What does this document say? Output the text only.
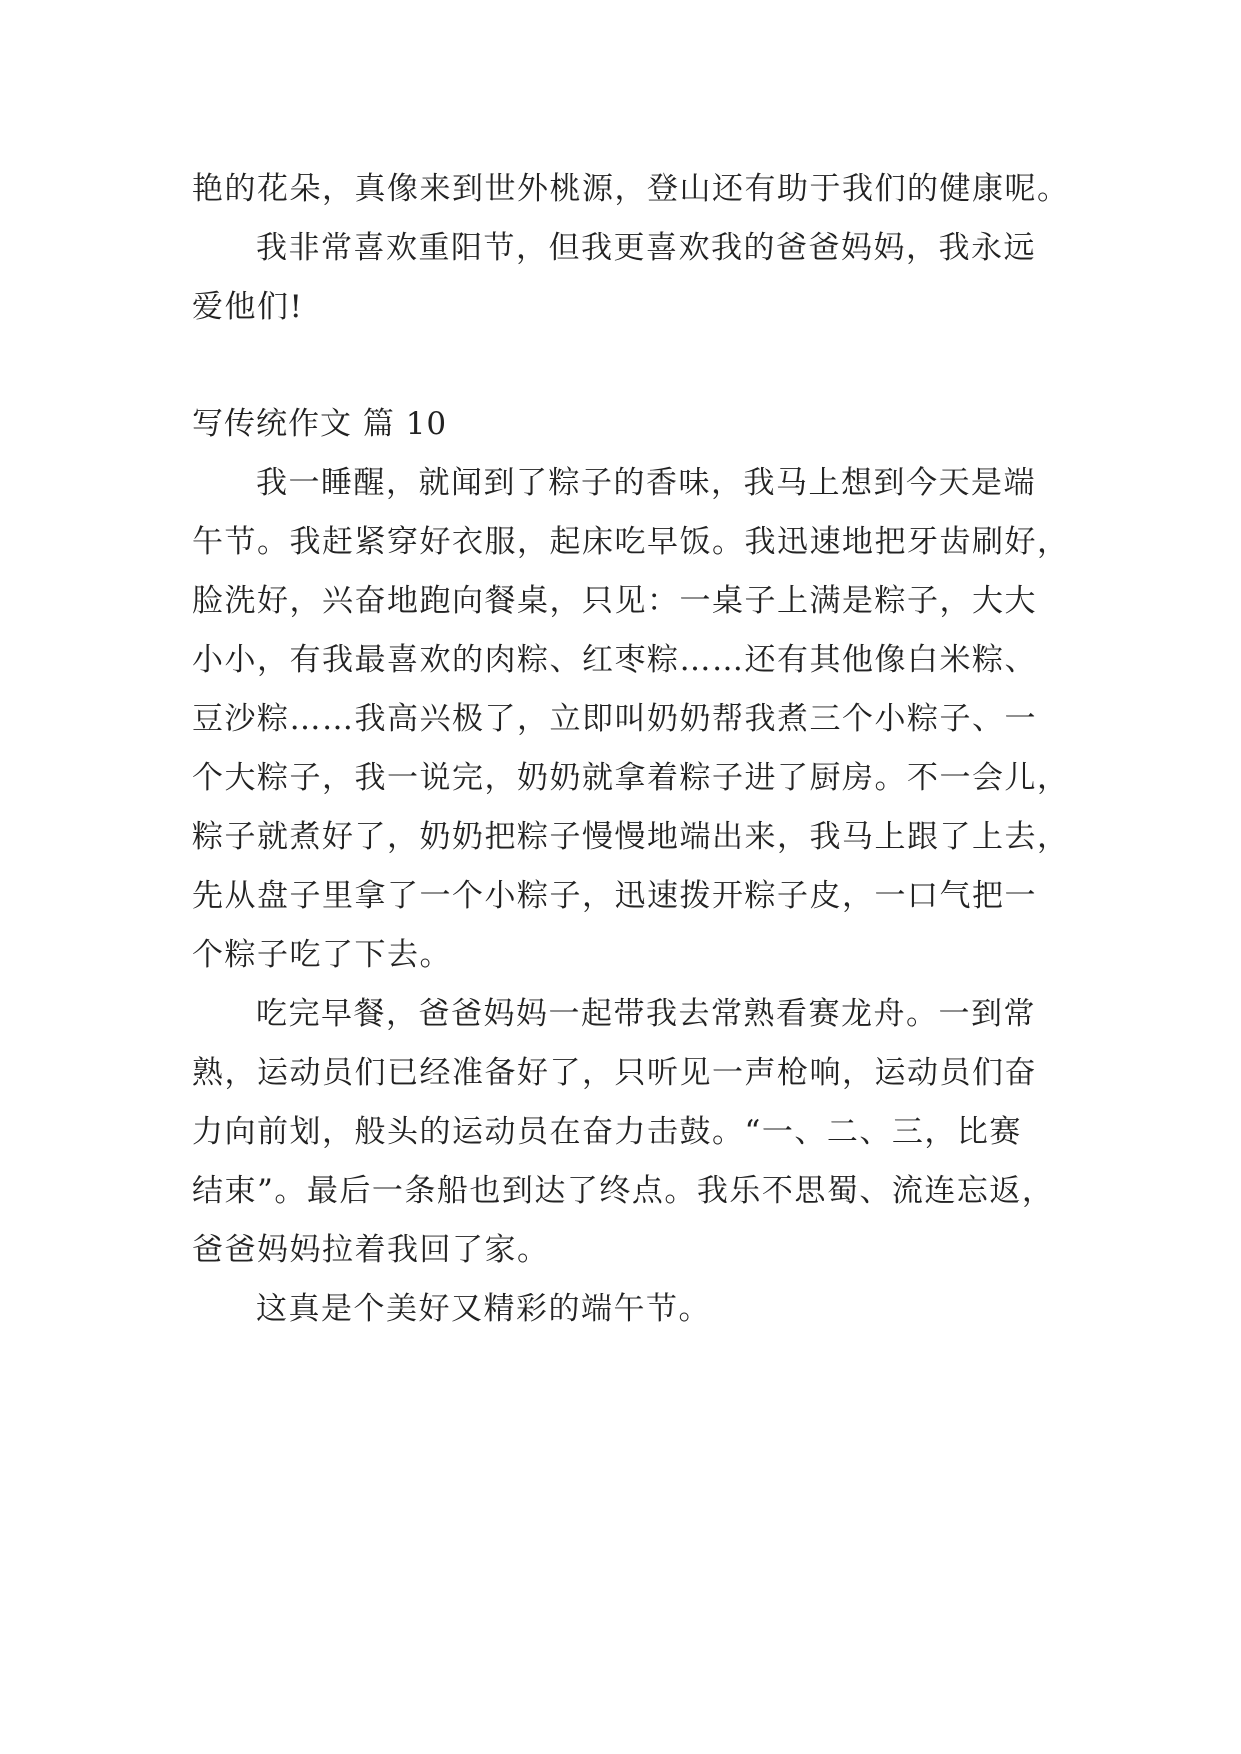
艳的花朵，真像来到世外桃源，登山还有助于我们的健康呢。
我非常喜欢重阳节，但我更喜欢我的爸爸妈妈，我永远
爱他们!
写传统作文 篇 10
我一睡醒，就闻到了粽子的香味，我马上想到今天是端
午节。我赶紧穿好衣服，起床吃早饭。我迅速地把牙齿刷好，
脸洗好，兴奋地跑向餐桌，只见：一桌子上满是粽子，大大
小小，有我最喜欢的肉粽、红枣粽……还有其他像白米粽、
豆沙粽……我高兴极了，立即叫奶奶帮我煮三个小粽子、一
个大粽子，我一说完，奶奶就拿着粽子进了厨房。不一会儿，
粽子就煮好了，奶奶把粽子慢慢地端出来，我马上跟了上去，
先从盘子里拿了一个小粽子，迅速拨开粽子皮，一口气把一
个粽子吃了下去。
吃完早餐，爸爸妈妈一起带我去常熟看赛龙舟。一到常
熟，运动员们已经准备好了，只听见一声枪响，运动员们奋
力向前划，般头的运动员在奋力击鼓。“一、二、三，比赛
结束”。最后一条船也到达了终点。我乐不思蜀、流连忘返，
爸爸妈妈拉着我回了家。
这真是个美好又精彩的端午节。
